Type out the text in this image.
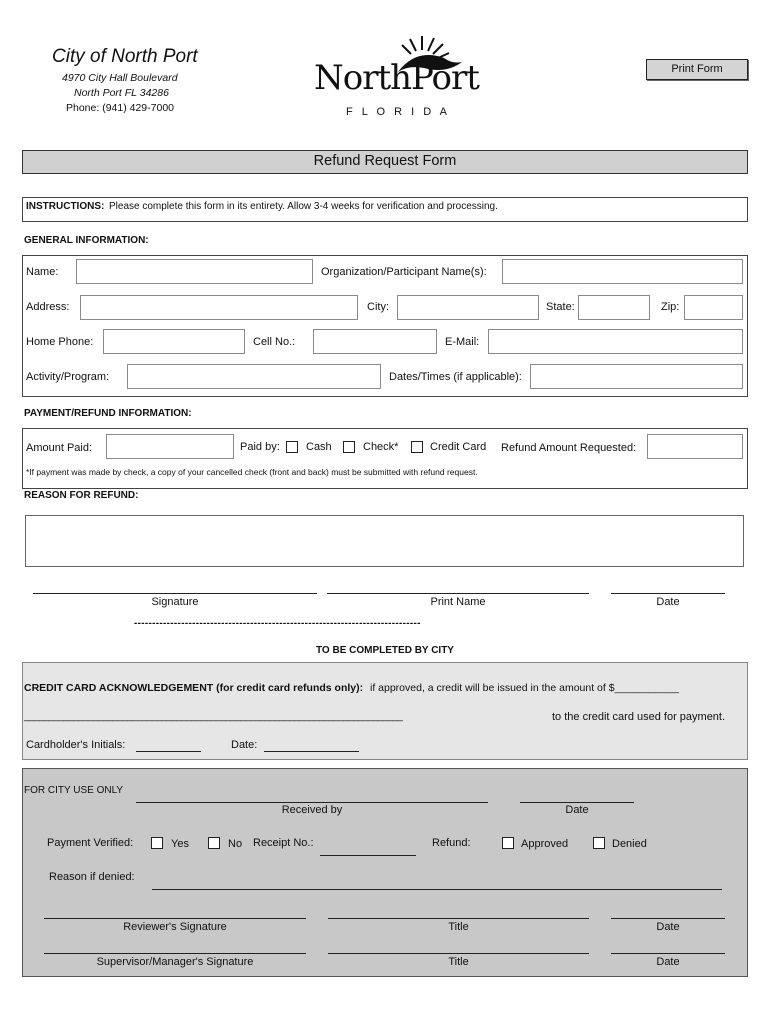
City of North Port
4970 City Hall Boulevard
North Port FL 34286
Phone: (941) 429-7000
NorthPort
F L O R I D A
Print Form
Refund Request Form
INSTRUCTIONS: Please complete this form in its entirety. Allow 3-4 weeks for verification and processing.
GENERAL INFORMATION:
Name:	Organization/Participant Name(s):
Address:	City:	State:	Zip:
Home Phone:	Cell No.:	E-Mail:
Activity/Program:	Dates/Times (if applicable):
PAYMENT/REFUND INFORMATION:
Amount Paid:	Paid by: Cash	Check*	Credit Card Refund Amount Requested:
*If payment was made by check, a copy of your cancelled check (front and back) must be submitted with refund request.
REASON FOR REFUND:
Signature	Print Name	Date
-------------------------------------------------------------------------------
TO BE COMPLETED BY CITY
CREDIT CARD ACKNOWLEDGEMENT (for credit card refunds only): if approved, a credit will be issued in the amount of $___________
_____________________________________________________________________________	to the credit card used for payment.
Cardholder's Initials:	Date:
FOR CITY USE ONLY
Received by	Date
Payment Verified:	Yes	No Receipt No.:	Refund:	Approved	Denied
Reason if denied:
Reviewer's Signature	Title	Date
Supervisor/Manager's Signature	Title	Date
